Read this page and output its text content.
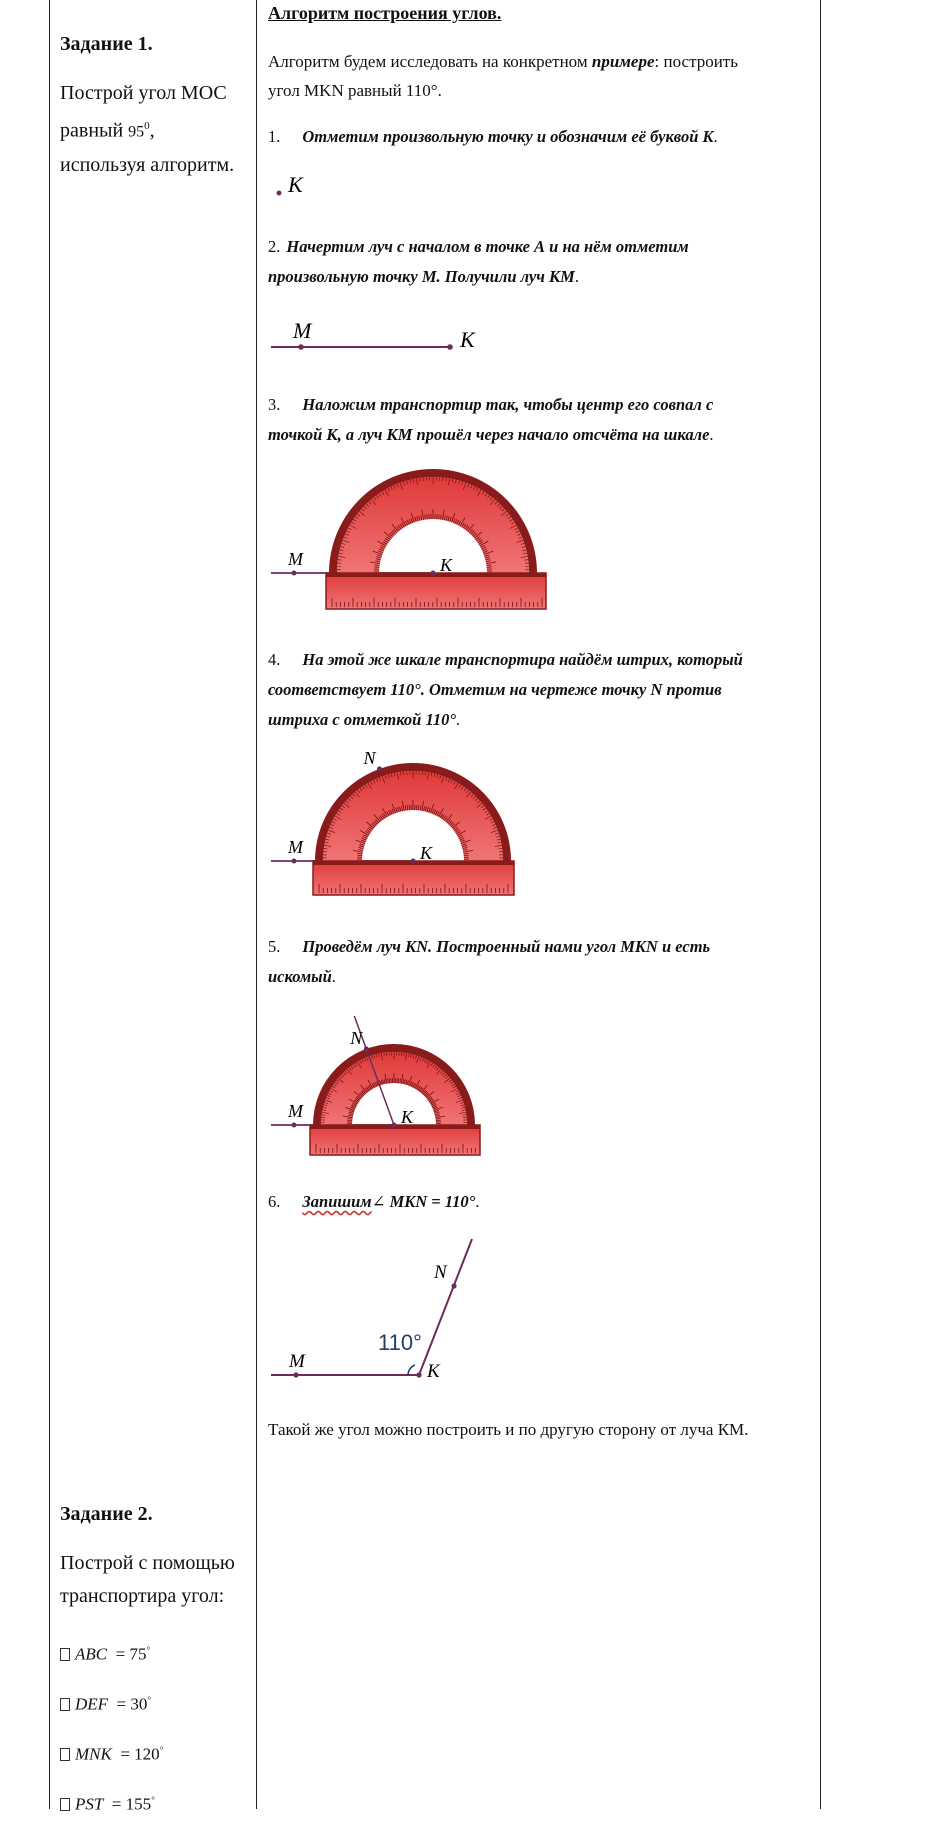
Задание 1.
Построй угол МОС
равный $95^0$,
используя алгоритм.
Задание 2.
Построй с помощью
транспортира угол:
ABC = 75°
DEF = 30°
MNK = 120°
PST = 155°
Алгоритм построения углов.
Алгоритм будем исследовать на конкретном примере: построить
угол MKN равный 110°.
1. Отметим произвольную точку и обозначим её буквой K.
K
2. Начертим луч с началом в точке А и на нём отметим
произвольную точку М. Получили луч КМ.
M	K
3. Наложим транспортир так, чтобы центр его совпал с
точкой К, а луч КМ прошёл через начало отсчёта на шкале.
M	K
4. На этой же шкале транспортира найдём штрих, который
соответствует 110°. Отметим на чертеже точку N против
штриха с отметкой 110°.
M	K
N
5. Проведём луч KN. Построенный нами угол MKN и есть
искомый.
M	K
N
6. Запишим∠ MKN = 110°.
M	K
N
110°
Такой же угол можно построить и по другую сторону от луча КМ.
